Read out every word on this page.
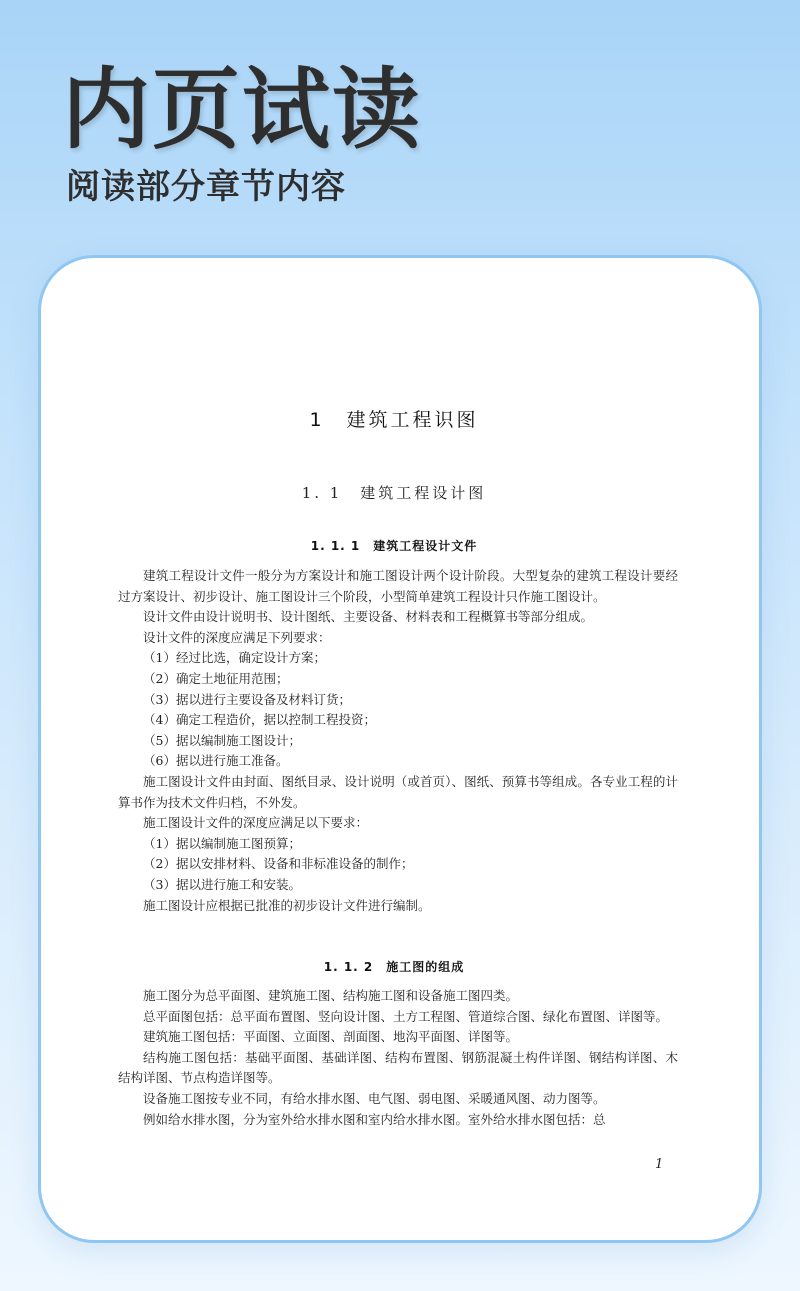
内页试读
阅读部分章节内容
1　建筑工程识图
1. 1　建筑工程设计图
1. 1. 1　建筑工程设计文件

建筑工程设计文件一般分为方案设计和施工图设计两个设计阶段。大型复杂的建筑工程设计要经过方案设计、初步设计、施工图设计三个阶段，小型简单建筑工程设计只作施工图设计。

设计文件由设计说明书、设计图纸、主要设备、材料表和工程概算书等部分组成。

设计文件的深度应满足下列要求：

（1）经过比选，确定设计方案；

（2）确定土地征用范围；

（3）据以进行主要设备及材料订货；

（4）确定工程造价，据以控制工程投资；

（5）据以编制施工图设计；

（6）据以进行施工准备。

施工图设计文件由封面、图纸目录、设计说明（或首页）、图纸、预算书等组成。各专业工程的计算书作为技术文件归档，不外发。

施工图设计文件的深度应满足以下要求：

（1）据以编制施工图预算；

（2）据以安排材料、设备和非标准设备的制作；

（3）据以进行施工和安装。

施工图设计应根据已批准的初步设计文件进行编制。

1. 1. 2　施工图的组成

施工图分为总平面图、建筑施工图、结构施工图和设备施工图四类。

总平面图包括：总平面布置图、竖向设计图、土方工程图、管道综合图、绿化布置图、详图等。

建筑施工图包括：平面图、立面图、剖面图、地沟平面图、详图等。

结构施工图包括：基础平面图、基础详图、结构布置图、钢筋混凝土构件详图、钢结构详图、木结构详图、节点构造详图等。

设备施工图按专业不同，有给水排水图、电气图、弱电图、采暖通风图、动力图等。

例如给水排水图，分为室外给水排水图和室内给水排水图。室外给水排水图包括：总

1
